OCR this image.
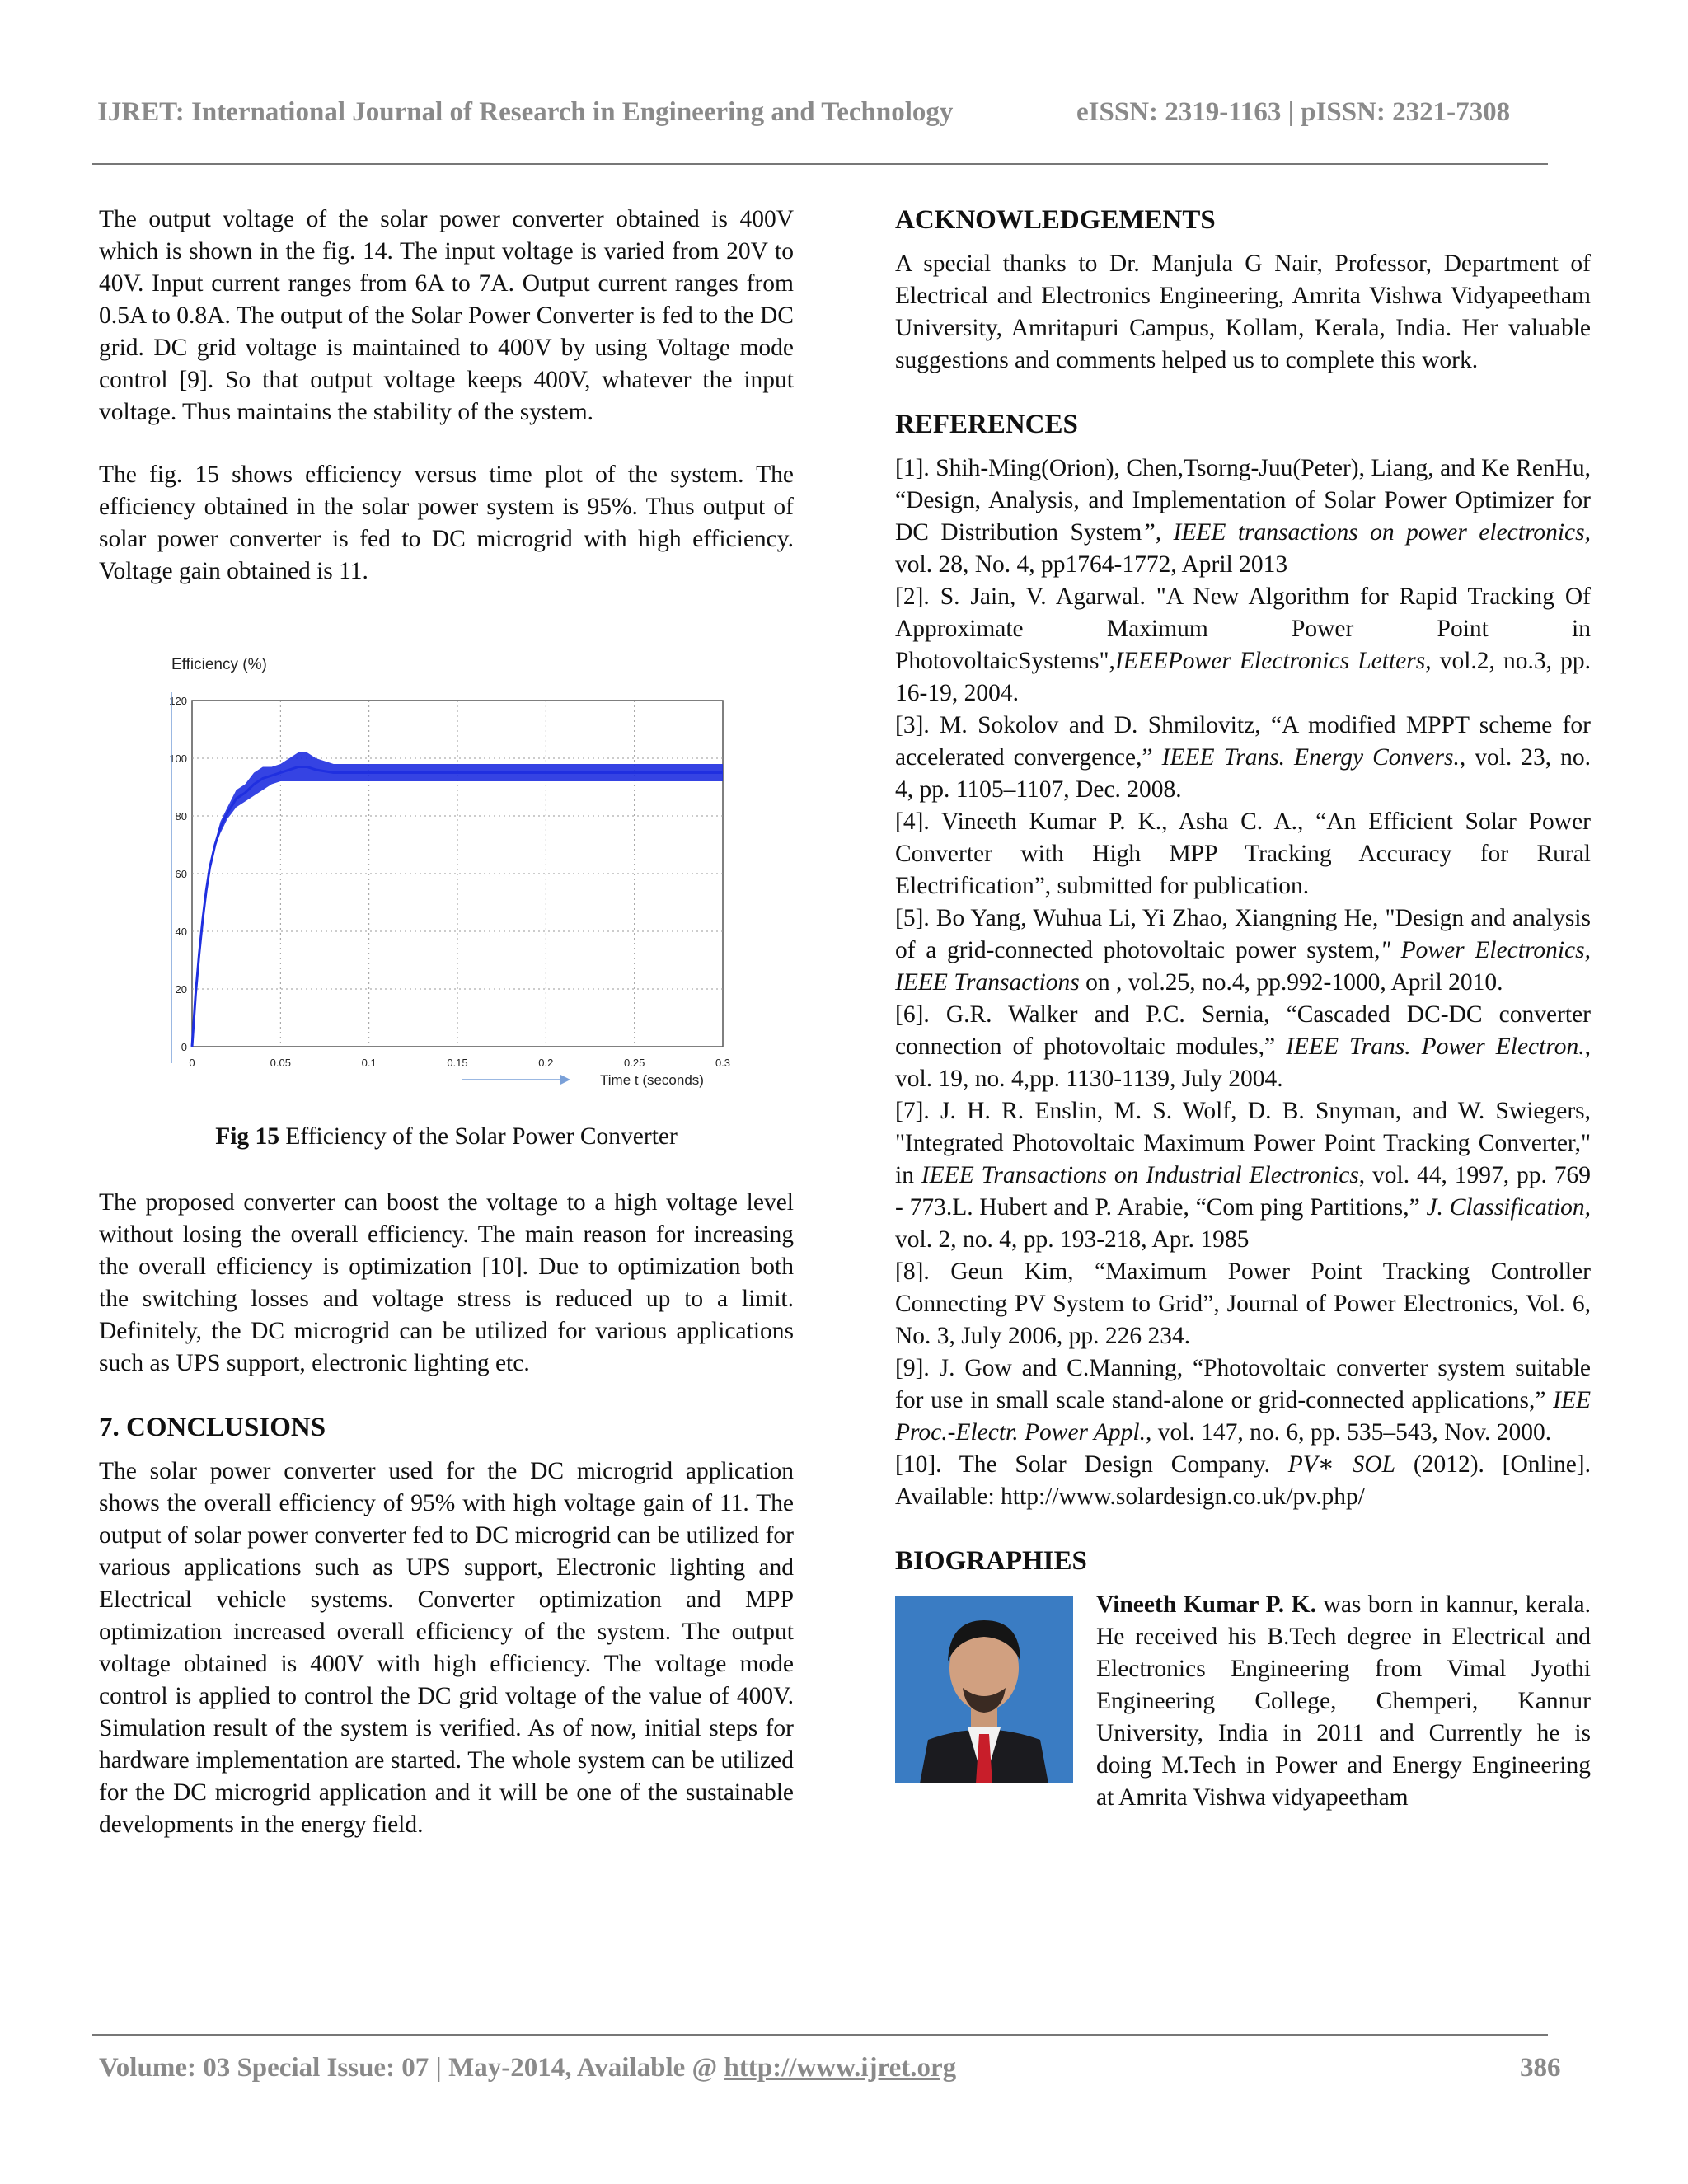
IJRET: International Journal of Research in Engineering and Technology	eISSN: 2319-1163 | pISSN: 2321-7308

The output voltage of the solar power converter obtained is 400V which is shown in the fig. 14. The input voltage is varied from 20V to 40V. Input current ranges from 6A to 7A. Output current ranges from 0.5A to 0.8A. The output of the Solar Power Converter is fed to the DC grid. DC grid voltage is maintained to 400V by using Voltage mode control [9]. So that output voltage keeps 400V, whatever the input voltage. Thus maintains the stability of the system.

The fig. 15 shows efficiency versus time plot of the system. The efficiency obtained in the solar power system is 95%. Thus output of solar power converter is fed to DC microgrid with high efficiency. Voltage gain obtained is 11.

Efficiency (%)
0	0.05	0.1	0.15	0.2	0.25	0.3
0
20
40
60
80
100
120
Time t (seconds)
Fig 15 Efficiency of the Solar Power Converter

The proposed converter can boost the voltage to a high voltage level without losing the overall efficiency. The main reason for increasing the overall efficiency is optimization [10]. Due to optimization both the switching losses and voltage stress is reduced up to a limit. Definitely, the DC microgrid can be utilized for various applications such as UPS support, electronic lighting etc.

7. CONCLUSIONS

The solar power converter used for the DC microgrid application shows the overall efficiency of 95% with high voltage gain of 11. The output of solar power converter fed to DC microgrid can be utilized for various applications such as UPS support, Electronic lighting and Electrical vehicle systems. Converter optimization and MPP optimization increased overall efficiency of the system. The output voltage obtained is 400V with high efficiency. The voltage mode control is applied to control the DC grid voltage of the value of 400V. Simulation result of the system is verified. As of now, initial steps for hardware implementation are started. The whole system can be utilized for the DC microgrid application and it will be one of the sustainable developments in the energy field.

ACKNOWLEDGEMENTS

A special thanks to Dr. Manjula G Nair, Professor, Department of Electrical and Electronics Engineering, Amrita Vishwa Vidyapeetham University, Amritapuri Campus, Kollam, Kerala, India. Her valuable suggestions and comments helped us to complete this work.

REFERENCES

[1]. Shih-Ming(Orion), Chen,Tsorng-Juu(Peter), Liang, and Ke RenHu, “Design, Analysis, and Implementation of Solar Power Optimizer for DC Distribution System”, IEEE transactions on power electronics, vol. 28, No. 4, pp1764-1772, April 2013

[2]. S. Jain, V. Agarwal. "A New Algorithm for Rapid Tracking Of Approximate Maximum Power Point in PhotovoltaicSystems",IEEEPower Electronics Letters, vol.2, no.3, pp. 16-19, 2004.

[3]. M. Sokolov and D. Shmilovitz, “A modified MPPT scheme for accelerated convergence,” IEEE Trans. Energy Convers., vol. 23, no. 4, pp. 1105–1107, Dec. 2008.

[4]. Vineeth Kumar P. K., Asha C. A., “An Efficient Solar Power Converter with High MPP Tracking Accuracy for Rural Electrification”, submitted for publication.

[5]. Bo Yang, Wuhua Li, Yi Zhao, Xiangning He, "Design and analysis of a grid-connected photovoltaic power system," Power Electronics, IEEE Transactions on , vol.25, no.4, pp.992-1000, April 2010.

[6]. G.R. Walker and P.C. Sernia, “Cascaded DC-DC converter connection of photovoltaic modules,” IEEE Trans. Power Electron., vol. 19, no. 4,pp. 1130-1139, July 2004.

[7]. J. H. R. Enslin, M. S. Wolf, D. B. Snyman, and W. Swiegers, "Integrated Photovoltaic Maximum Power Point Tracking Converter," in IEEE Transactions on Industrial Electronics, vol. 44, 1997, pp. 769 - 773.L. Hubert and P. Arabie, “Com ping Partitions,” J. Classification, vol. 2, no. 4, pp. 193-218, Apr. 1985

[8]. Geun Kim, “Maximum Power Point Tracking Controller Connecting PV System to Grid”, Journal of Power Electronics, Vol. 6, No. 3, July 2006, pp. 226 234.

[9]. J. Gow and C.Manning, “Photovoltaic converter system suitable for use in small scale stand-alone or grid-connected applications,” IEE Proc.-Electr. Power Appl., vol. 147, no. 6, pp. 535–543, Nov. 2000.

[10]. The Solar Design Company. PV∗ SOL (2012). [Online]. Available: http://www.solardesign.co.uk/pv.php/

BIOGRAPHIES

Vineeth Kumar P. K. was born in kannur, kerala. He received his B.Tech degree in Electrical and Electronics Engineering from Vimal Jyothi Engineering College, Chemperi, Kannur University, India in 2011 and Currently he is doing M.Tech in Power and Energy Engineering at Amrita Vishwa vidyapeetham

Volume: 03 Special Issue: 07 | May-2014, Available @ http://www.ijret.org	386
